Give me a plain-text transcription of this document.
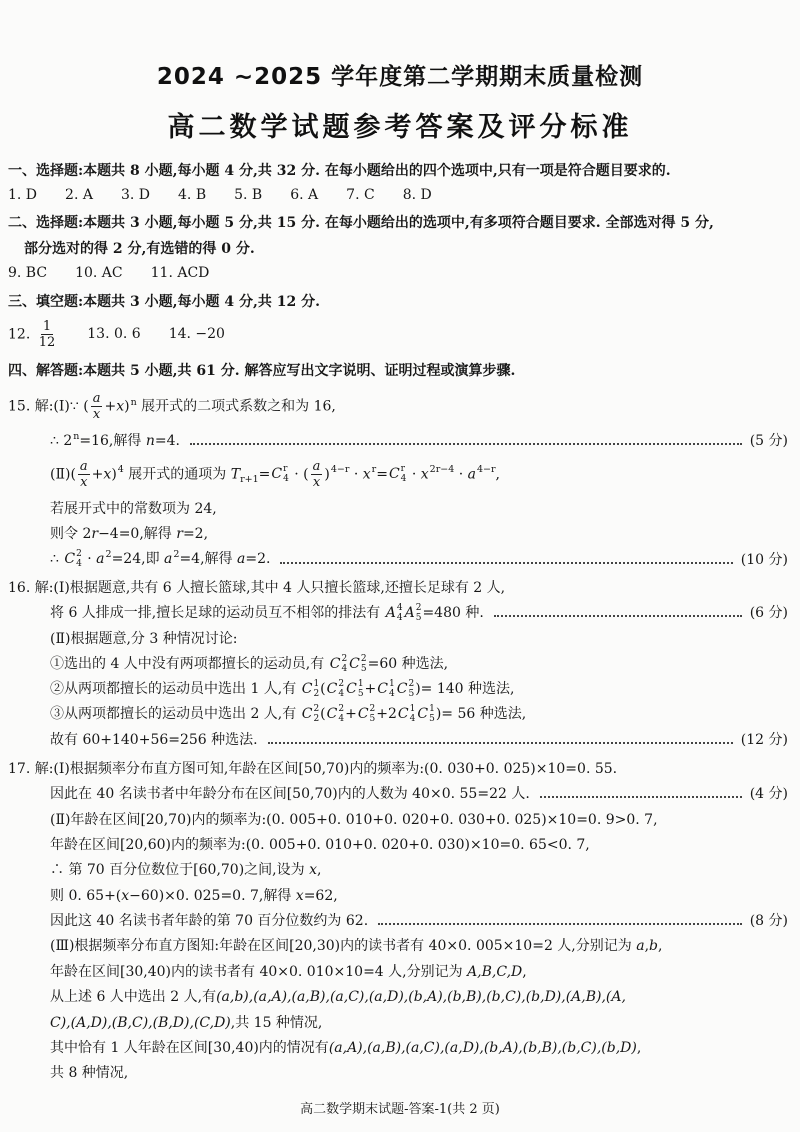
2024 ~2025 学年度第二学期期末质量检测
高二数学试题参考答案及评分标准
一、选择题:本题共 8 小题,每小题 4 分,共 32 分. 在每小题给出的四个选项中,只有一项是符合题目要求的.
1. D 2. A 3. D 4. B 5. B 6. A 7. C 8. D
二、选择题:本题共 3 小题,每小题 5 分,共 15 分. 在每小题给出的选项中,有多项符合题目要求. 全部选对得 5 分,
部分选对的得 2 分,有选错的得 0 分.
9. BC 10. AC 11. ACD
三、填空题:本题共 3 小题,每小题 4 分,共 12 分.
12. $\frac{1}{12} 13$. 0. 6 14. −20
四、解答题:本题共 5 小题,共 61 分. 解答应写出文字说明、证明过程或演算步骤.
15. 解:(Ⅰ)∵ ( $\frac{a}{x} +x)^n$ 展开式的二项式系数之和为 16,
∴ $2^n=16$,解得 n=4.	(5 分)
(Ⅱ)( $\frac{a}{x} +x)^4$ 展开式的通项为 $T_{r+1}= C$ r
4 · ( $\frac{a}{x} )^{4-r} \cdot x^r= C$ r
$4 \cdot x^{2r-4} \cdot a^{4-r}$,
若展开式中的常数项为 24,
则令 2r−4=0,解得 r=2,
∴ C 2
$4 \cdot a^2=24$,即 $a^2=4$,解得 a=2.	(10 分)
16. 解:(Ⅰ)根据题意,共有 6 人擅长篮球,其中 4 人只擅长篮球,还擅长足球有 2 人,
将 6 人排成一排,擅长足球的运动员互不相邻的排法有 A 4
4 A 2
5 =480 种.	(6 分)
(Ⅱ)根据题意,分 3 种情况讨论:
①选出的 4 人中没有两项都擅长的运动员,有 C 2
4 C 2
5 =60 种选法,
②从两项都擅长的运动员中选出 1 人,有 C 1
2 ( C 2
4 C 1
5 + C 1
4 C 2
5 )= 140 种选法,
③从两项都擅长的运动员中选出 2 人,有 C 2
2 ( C 2
4 + C 2
5 +2 C 1
4 C 1
5 )= 56 种选法,
故有 60+140+56=256 种选法.	(12 分)
17. 解:(Ⅰ)根据频率分布直方图可知,年龄在区间[50,70)内的频率为:(0. 030+0. 025)×10=0. 55.
因此在 40 名读书者中年龄分布在区间[50,70)内的人数为 40×0. 55=22 人.	(4 分)
(Ⅱ)年龄在区间[20,70)内的频率为:(0. 005+0. 010+0. 020+0. 030+0. 025)×10=0. 9>0. 7,
年龄在区间[20,60)内的频率为:(0. 005+0. 010+0. 020+0. 030)×10=0. 65<0. 7,
∴ 第 70 百分位数位于[60,70)之间,设为 x,
则 0. 65+(x−60)×0. 025=0. 7,解得 x=62,
因此这 40 名读书者年龄的第 70 百分位数约为 62.	(8 分)
(Ⅲ)根据频率分布直方图知:年龄在区间[20,30)内的读书者有 40×0. 005×10=2 人,分别记为 a,b,
年龄在区间[30,40)内的读书者有 40×0. 010×10=4 人,分别记为 A,B,C,D,
从上述 6 人中选出 2 人,有(a,b),(a,A),(a,B),(a,C),(a,D),(b,A),(b,B),(b,C),(b,D),(A,B),(A,
C),(A,D),(B,C),(B,D),(C,D),共 15 种情况,
其中恰有 1 人年龄在区间[30,40)内的情况有(a,A),(a,B),(a,C),(a,D),(b,A),(b,B),(b,C),(b,D),
共 8 种情况,
高二数学期末试题-答案-1(共 2 页)
